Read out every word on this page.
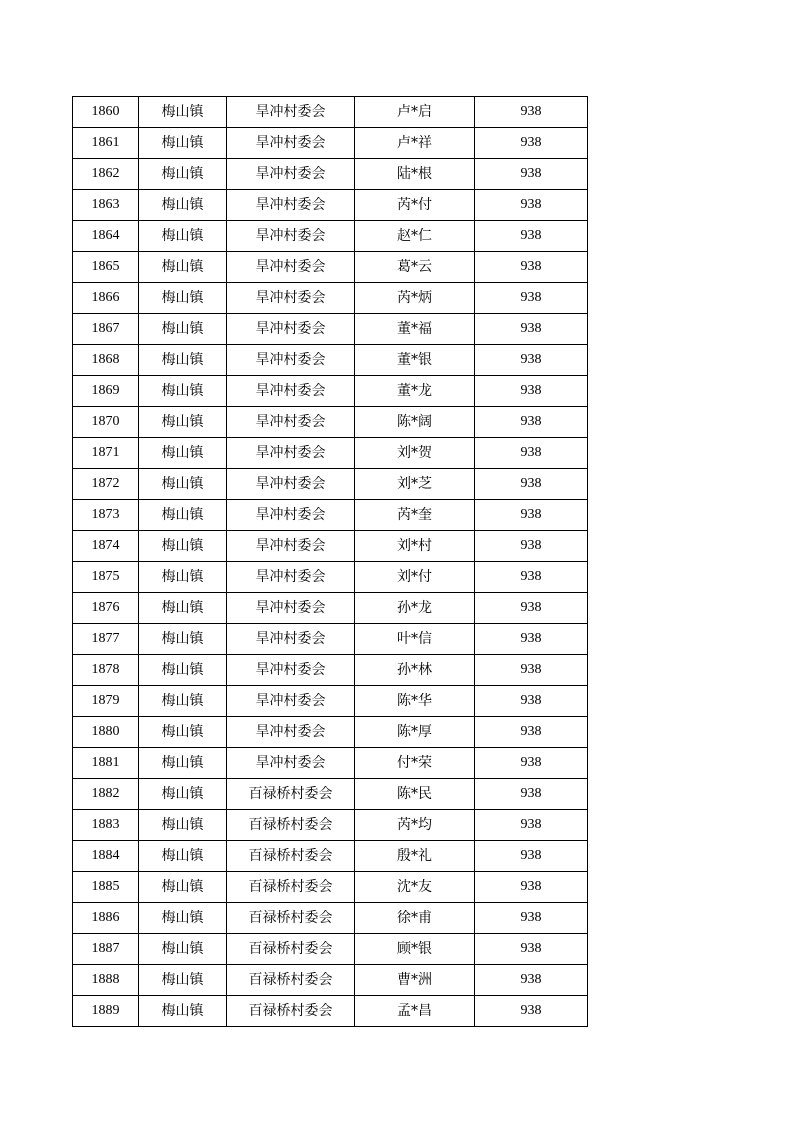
1860	梅山镇	旱冲村委会	卢*启	938
1861	梅山镇	旱冲村委会	卢*祥	938
1862	梅山镇	旱冲村委会	陆*根	938
1863	梅山镇	旱冲村委会	芮*付	938
1864	梅山镇	旱冲村委会	赵*仁	938
1865	梅山镇	旱冲村委会	葛*云	938
1866	梅山镇	旱冲村委会	芮*炳	938
1867	梅山镇	旱冲村委会	董*福	938
1868	梅山镇	旱冲村委会	董*银	938
1869	梅山镇	旱冲村委会	董*龙	938
1870	梅山镇	旱冲村委会	陈*阔	938
1871	梅山镇	旱冲村委会	刘*贺	938
1872	梅山镇	旱冲村委会	刘*芝	938
1873	梅山镇	旱冲村委会	芮*奎	938
1874	梅山镇	旱冲村委会	刘*村	938
1875	梅山镇	旱冲村委会	刘*付	938
1876	梅山镇	旱冲村委会	孙*龙	938
1877	梅山镇	旱冲村委会	叶*信	938
1878	梅山镇	旱冲村委会	孙*林	938
1879	梅山镇	旱冲村委会	陈*华	938
1880	梅山镇	旱冲村委会	陈*厚	938
1881	梅山镇	旱冲村委会	付*荣	938
1882	梅山镇	百禄桥村委会	陈*民	938
1883	梅山镇	百禄桥村委会	芮*均	938
1884	梅山镇	百禄桥村委会	殷*礼	938
1885	梅山镇	百禄桥村委会	沈*友	938
1886	梅山镇	百禄桥村委会	徐*甫	938
1887	梅山镇	百禄桥村委会	顾*银	938
1888	梅山镇	百禄桥村委会	曹*洲	938
1889	梅山镇	百禄桥村委会	孟*昌	938
